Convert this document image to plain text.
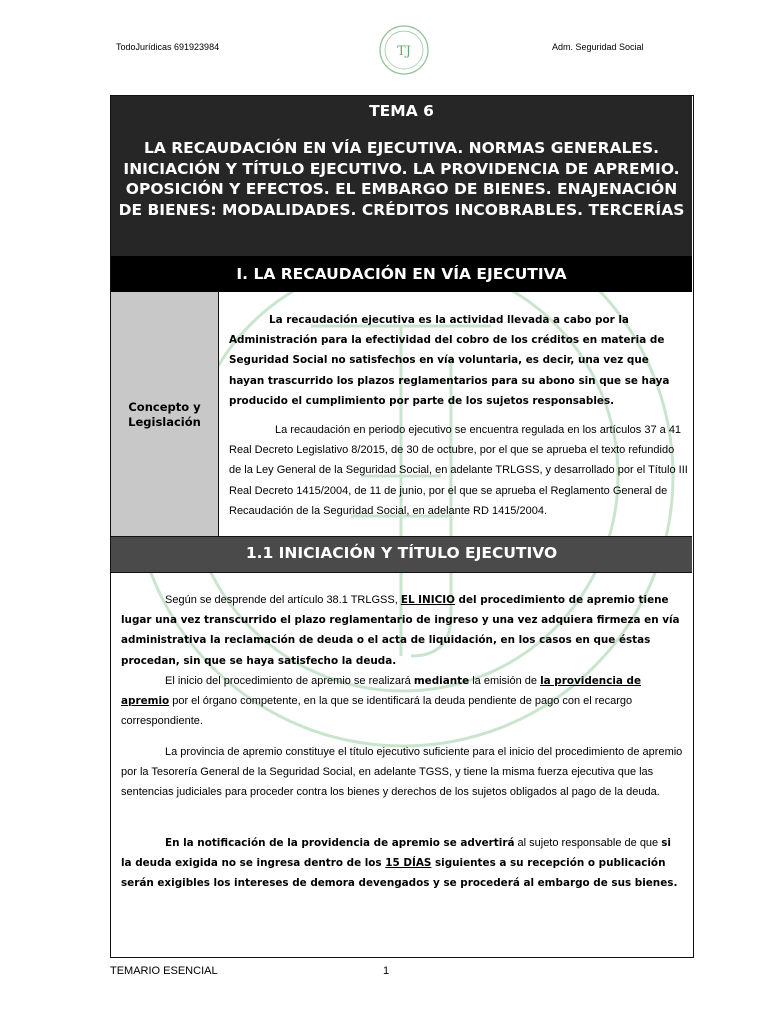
TodoJurídicas 691923984	TJ	Adm. Seguridad Social
TEMA 6
LA RECAUDACIÓN EN VÍA EJECUTIVA. NORMAS GENERALES. INICIACIÓN Y TÍTULO EJECUTIVO. LA PROVIDENCIA DE APREMIO. OPOSICIÓN Y EFECTOS. EL EMBARGO DE BIENES. ENAJENACIÓN DE BIENES: MODALIDADES. CRÉDITOS INCOBRABLES. TERCERÍAS
I. LA RECAUDACIÓN EN VÍA EJECUTIVA
Concepto y Legislación
La recaudación ejecutiva es la actividad llevada a cabo por la Administración para la efectividad del cobro de los créditos en materia de Seguridad Social no satisfechos en vía voluntaria, es decir, una vez que hayan trascurrido los plazos reglamentarios para su abono sin que se haya producido el cumplimiento por parte de los sujetos responsables.
La recaudación en periodo ejecutivo se encuentra regulada en los artículos 37 a 41 Real Decreto Legislativo 8/2015, de 30 de octubre, por el que se aprueba el texto refundido de la Ley General de la Seguridad Social, en adelante TRLGSS, y desarrollado por el Título III Real Decreto 1415/2004, de 11 de junio, por el que se aprueba el Reglamento General de Recaudación de la Seguridad Social, en adelante RD 1415/2004.
1.1 INICIACIÓN Y TÍTULO EJECUTIVO
Según se desprende del artículo 38.1 TRLGSS, EL INICIO del procedimiento de apremio tiene lugar una vez transcurrido el plazo reglamentario de ingreso y una vez adquiera firmeza en vía administrativa la reclamación de deuda o el acta de liquidación, en los casos en que éstas procedan, sin que se haya satisfecho la deuda.
El inicio del procedimiento de apremio se realizará mediante la emisión de la providencia de apremio por el órgano competente, en la que se identificará la deuda pendiente de pago con el recargo correspondiente.
La provincia de apremio constituye el título ejecutivo suficiente para el inicio del procedimiento de apremio por la Tesorería General de la Seguridad Social, en adelante TGSS, y tiene la misma fuerza ejecutiva que las sentencias judiciales para proceder contra los bienes y derechos de los sujetos obligados al pago de la deuda.
En la notificación de la providencia de apremio se advertirá al sujeto responsable de que si la deuda exigida no se ingresa dentro de los 15 DÍAS siguientes a su recepción o publicación serán exigibles los intereses de demora devengados y se procederá al embargo de sus bienes.
TEMARIO ESENCIAL	1
